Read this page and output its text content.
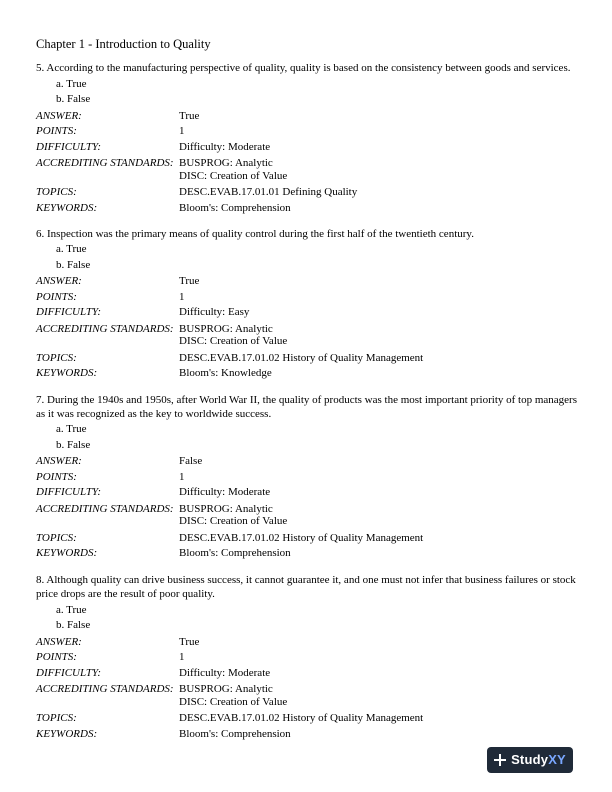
Chapter 1 - Introduction to Quality
5. According to the manufacturing perspective of quality, quality is based on the consistency between goods and services.
a. True
b. False
ANSWER:	True
POINTS:	1
DIFFICULTY:	Difficulty: Moderate
ACCREDITING STANDARDS: BUSPROG: Analytic
DISC: Creation of Value
TOPICS:	DESC.EVAB.17.01.01 Defining Quality
KEYWORDS:	Bloom's: Comprehension
6. Inspection was the primary means of quality control during the first half of the twentieth century.
a. True
b. False
ANSWER:	True
POINTS:	1
DIFFICULTY:	Difficulty: Easy
ACCREDITING STANDARDS: BUSPROG: Analytic
DISC: Creation of Value
TOPICS:	DESC.EVAB.17.01.02 History of Quality Management
KEYWORDS:	Bloom's: Knowledge
7. During the 1940s and 1950s, after World War II, the quality of products was the most important priority of top managers as it was recognized as the key to worldwide success.
a. True
b. False
ANSWER:	False
POINTS:	1
DIFFICULTY:	Difficulty: Moderate
ACCREDITING STANDARDS: BUSPROG: Analytic
DISC: Creation of Value
TOPICS:	DESC.EVAB.17.01.02 History of Quality Management
KEYWORDS:	Bloom's: Comprehension
8. Although quality can drive business success, it cannot guarantee it, and one must not infer that business failures or stock price drops are the result of poor quality.
a. True
b. False
ANSWER:	True
POINTS:	1
DIFFICULTY:	Difficulty: Moderate
ACCREDITING STANDARDS: BUSPROG: Analytic
DISC: Creation of Value
TOPICS:	DESC.EVAB.17.01.02 History of Quality Management
KEYWORDS:	Bloom's: Comprehension
StudyXY
